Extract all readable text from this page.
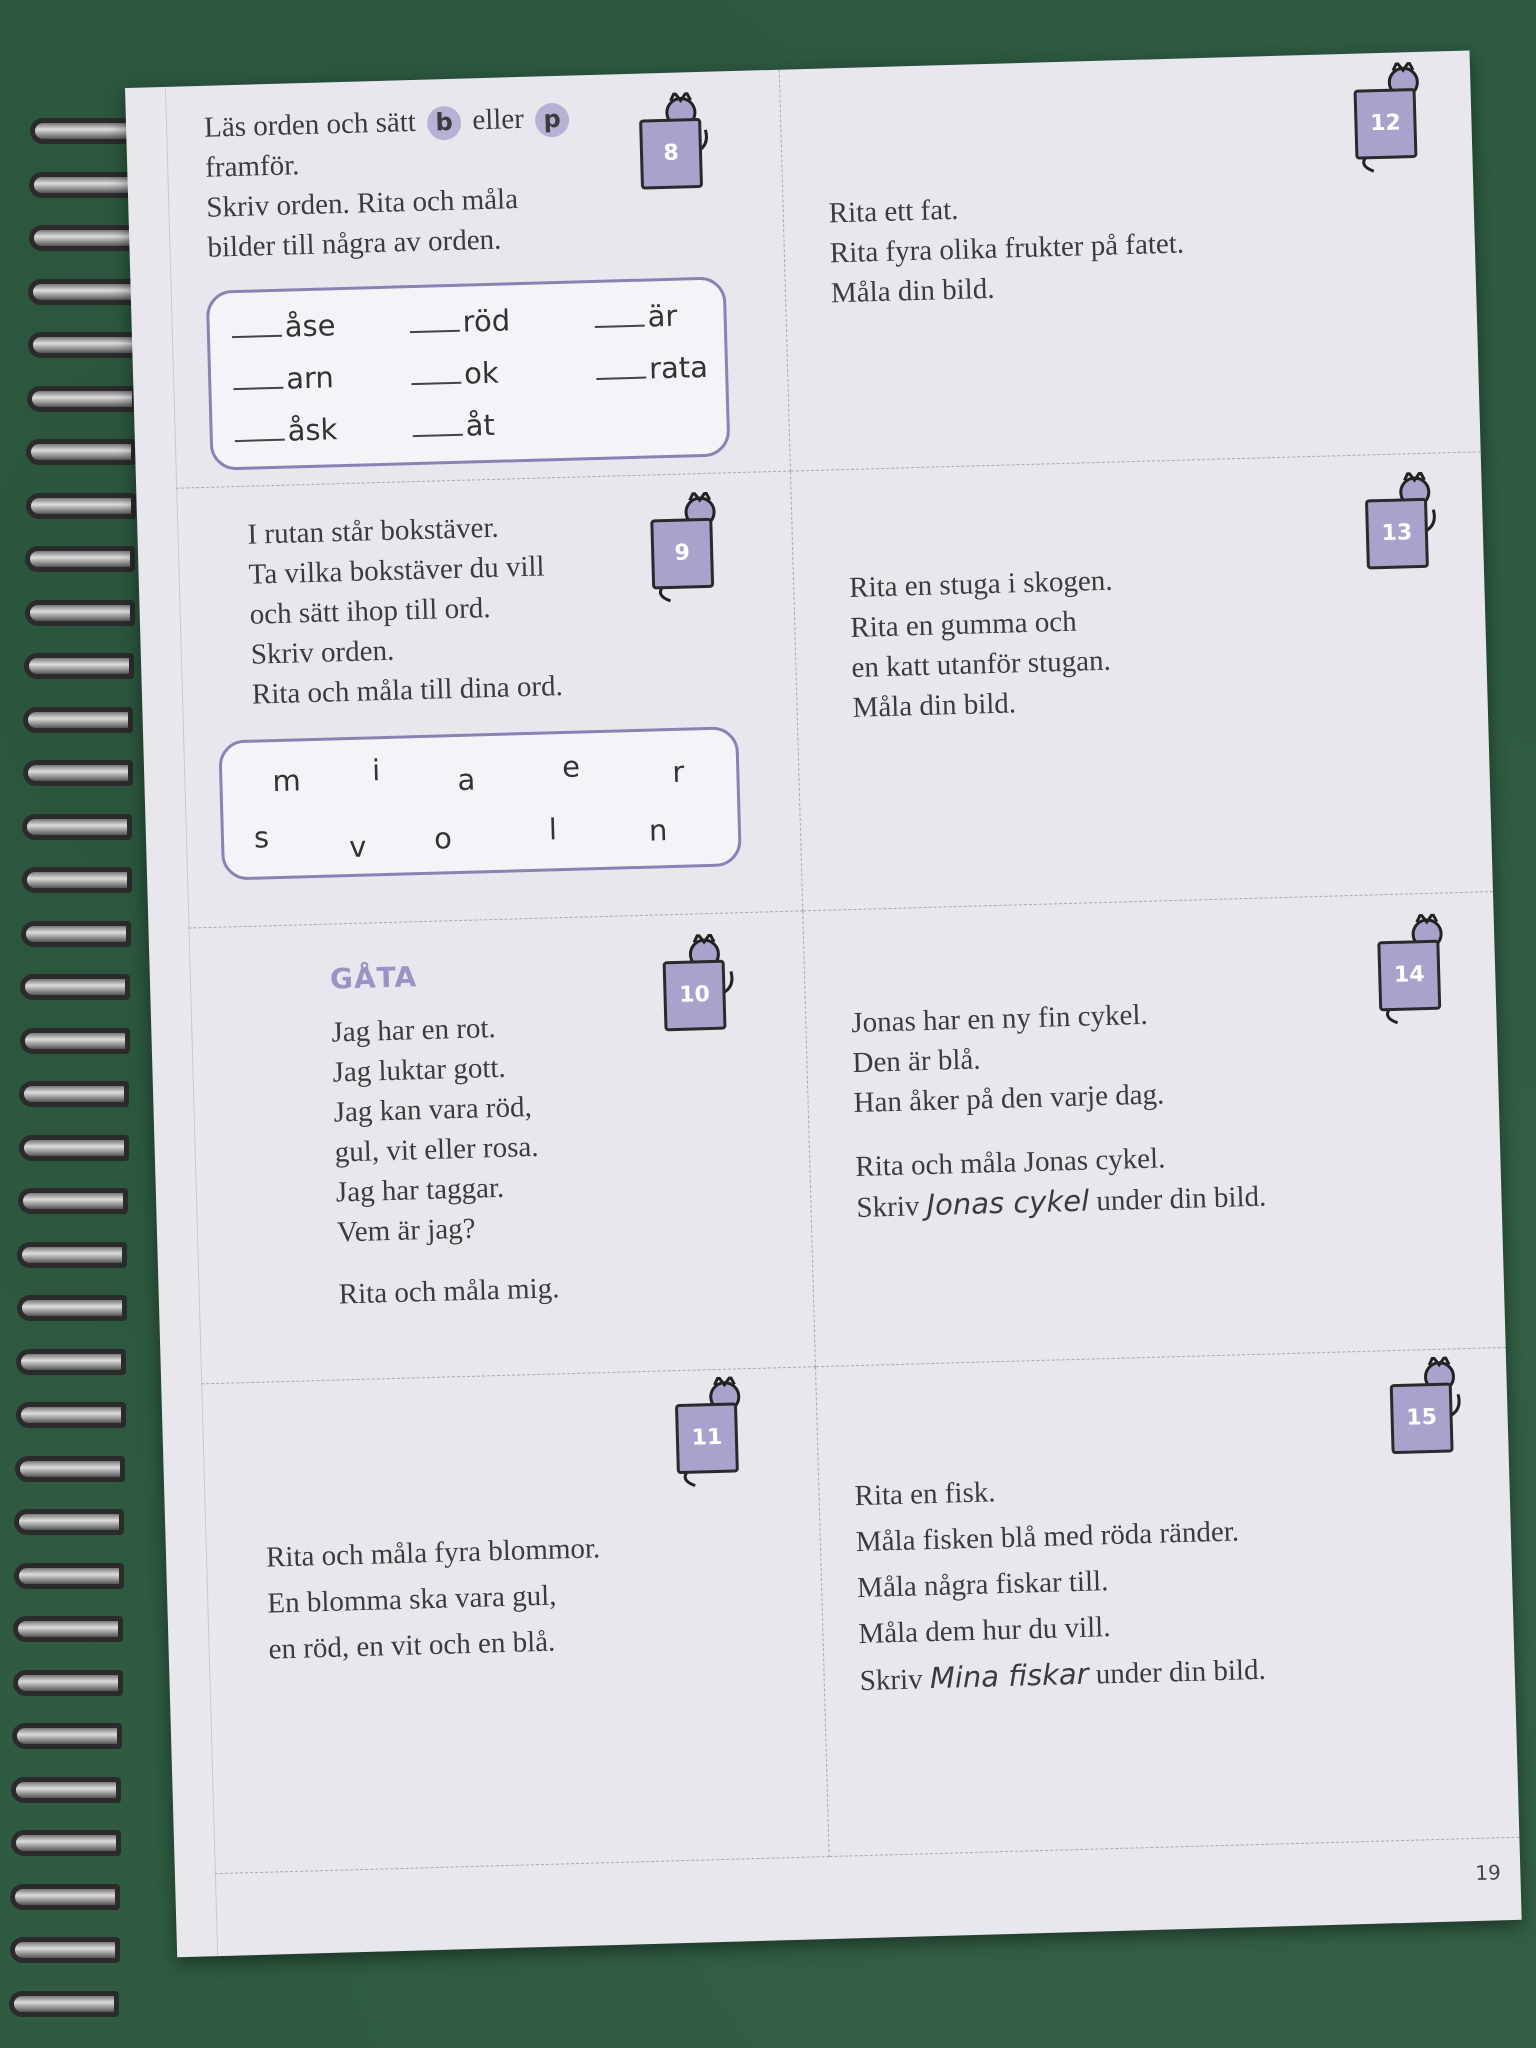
Läs orden och sätt b eller p
framför.
Skriv orden. Rita och måla
bilder till några av orden.
åse	röd	är
arn	ok	rata
åsk	åt
8
Rita ett fat.
Rita fyra olika frukter på fatet.
Måla din bild.
12
I rutan står bokstäver.
Ta vilka bokstäver du vill
och sätt ihop till ord.
Skriv orden.
Rita och måla till dina ord.
m i	a	e	r
s	v o	l	n
9
Rita en stuga i skogen.
Rita en gumma och
en katt utanför stugan.
Måla din bild.
13
GÅTA
Jag har en rot.
Jag luktar gott.
Jag kan vara röd,
gul, vit eller rosa.
Jag har taggar.
Vem är jag?
Rita och måla mig.
10
Jonas har en ny fin cykel.
Den är blå.
Han åker på den varje dag.
Rita och måla Jonas cykel.
Skriv Jonas cykel under din bild.
14
Rita och måla fyra blommor.
En blomma ska vara gul,
en röd, en vit och en blå.
11
Rita en fisk.
Måla fisken blå med röda ränder.
Måla några fiskar till.
Måla dem hur du vill.
Skriv Mina fiskar under din bild.
15
19
